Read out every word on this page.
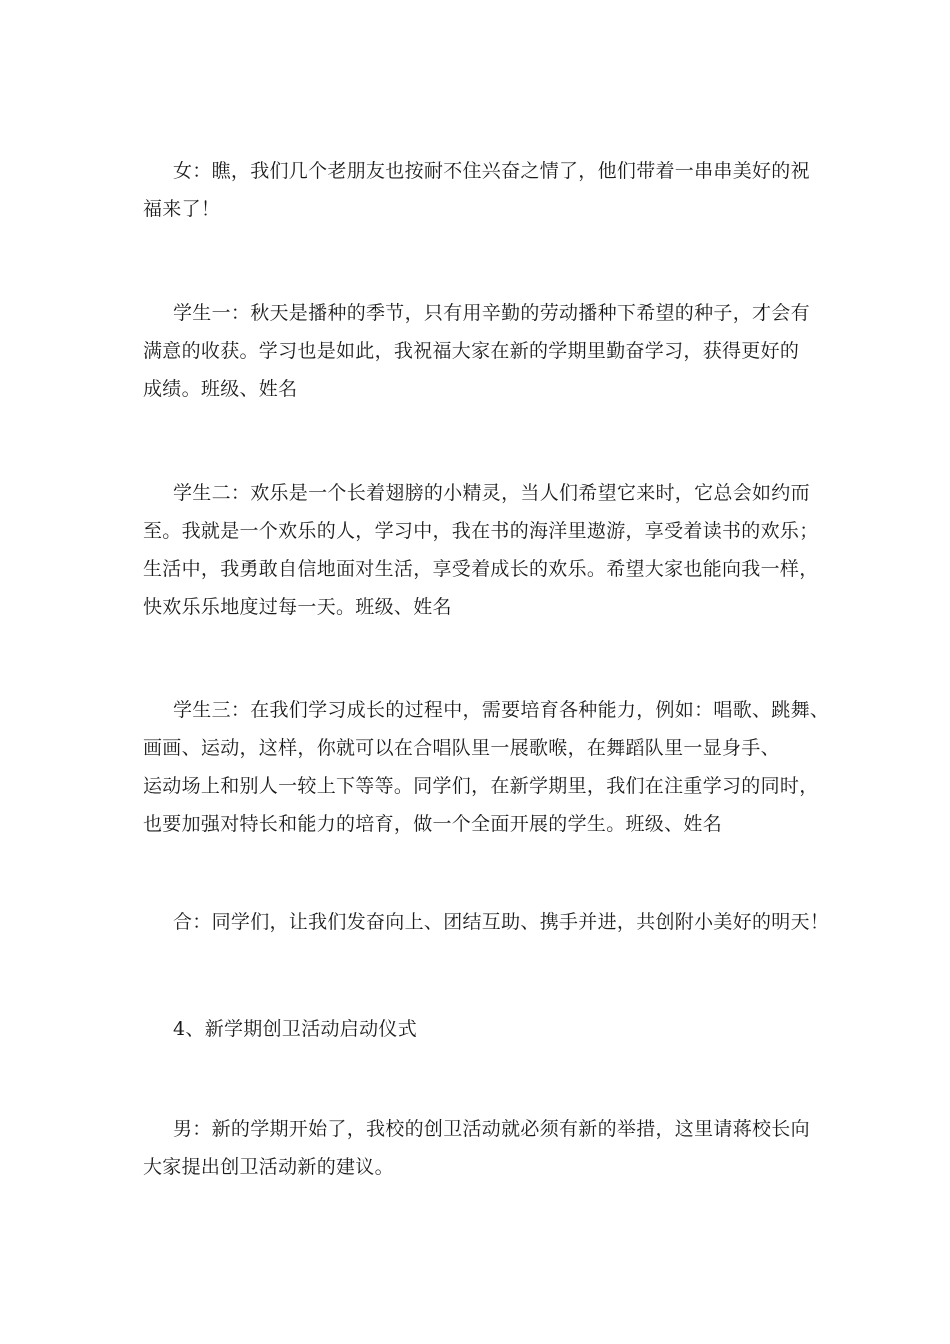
女：瞧，我们几个老朋友也按耐不住兴奋之情了，他们带着一串串美好的祝
福来了！

学生一：秋天是播种的季节，只有用辛勤的劳动播种下希望的种子，才会有
满意的收获。学习也是如此，我祝福大家在新的学期里勤奋学习，获得更好的
成绩。班级、姓名

学生二：欢乐是一个长着翅膀的小精灵，当人们希望它来时，它总会如约而
至。我就是一个欢乐的人，学习中，我在书的海洋里遨游，享受着读书的欢乐；
生活中，我勇敢自信地面对生活，享受着成长的欢乐。希望大家也能向我一样，
快欢乐乐地度过每一天。班级、姓名

学生三：在我们学习成长的过程中，需要培育各种能力，例如：唱歌、跳舞、
画画、运动，这样，你就可以在合唱队里一展歌喉，在舞蹈队里一显身手、
运动场上和别人一较上下等等。同学们，在新学期里，我们在注重学习的同时，
也要加强对特长和能力的培育，做一个全面开展的学生。班级、姓名

合：同学们，让我们发奋向上、团结互助、携手并进，共创附小美好的明天！

4、新学期创卫活动启动仪式

男：新的学期开始了，我校的创卫活动就必须有新的举措，这里请蒋校长向
大家提出创卫活动新的建议。
